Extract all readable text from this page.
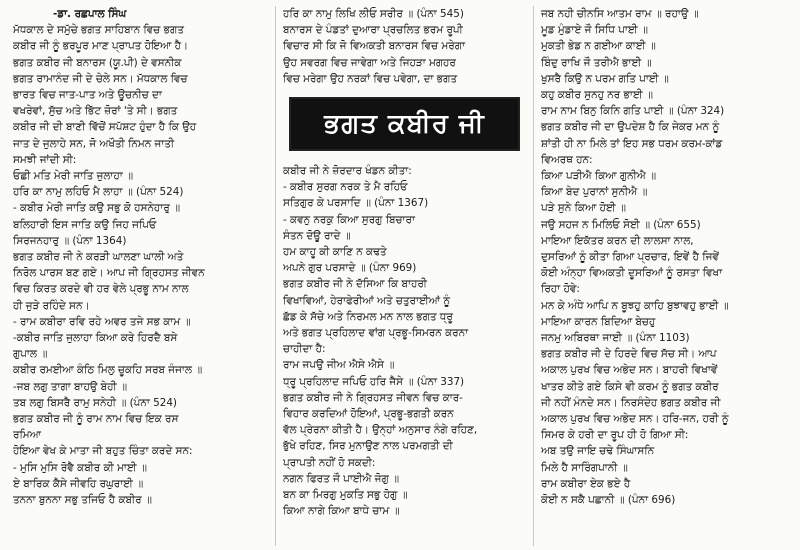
-ਡਾ. ਰਛਪਾਲ ਸਿੰਘ
ਮੱਧਕਾਲ ਦੇ ਸਮੁੱਚੇ ਭਗਤ ਸਾਹਿਬਾਨ ਵਿਚ ਭਗਤ
ਕਬੀਰ ਜੀ ਨੂੰ ਭਰਪੂਰ ਮਾਣ ਪ੍ਰਾਪਤ ਹੋਇਆ ਹੈ।
ਭਗਤ ਕਬੀਰ ਜੀ ਬਨਾਰਸ (ਯੂ.ਪੀ) ਦੇ ਵਸਨੀਕ
ਭਗਤ ਰਾਮਾਨੰਦ ਜੀ ਦੇ ਚੇਲੇ ਸਨ। ਮੱਧਕਾਲ ਵਿਚ
ਭਾਰਤ ਵਿਚ ਜਾਤ-ਪਾਤ ਅਤੇ ਊਚਨੀਚ ਦਾ
ਵਖਰੇਵਾਂ, ਸੁੱਚ ਅਤੇ ਭਿੱਟ ਜ਼ੋਰਾਂ 'ਤੇ ਸੀ। ਭਗਤ
ਕਬੀਰ ਜੀ ਦੀ ਬਾਣੀ ਵਿੱਚੋਂ ਸਪੱਸ਼ਟ ਹੁੰਦਾ ਹੈ ਕਿ ਉਹ
ਜਾਤ ਦੇ ਜੁਲਾਹੇ ਸਨ, ਜੋ ਅਖੌਤੀ ਨਿਮਨ ਜਾਤੀ
ਸਮਝੀ ਜਾਂਦੀ ਸੀ:
ਓਛੀ ਮਤਿ ਮੇਰੀ ਜਾਤਿ ਜੁਲਾਹਾ ॥
ਹਰਿ ਕਾ ਨਾਮੁ ਲਹਿਓ ਮੈ ਲਾਹਾ ॥ (ਪੰਨਾ 524)
- ਕਬੀਰ ਮੇਰੀ ਜਾਤਿ ਕਉ ਸਭੁ ਕੋ ਹਸਨੇਹਾਰੁ ॥
ਬਲਿਹਾਰੀ ਇਸ ਜਾਤਿ ਕਉ ਜਿਹ ਜਪਿਓ
ਸਿਰਜਨਹਾਰੁ ॥ (ਪੰਨਾ 1364)
ਭਗਤ ਕਬੀਰ ਜੀ ਨੇ ਕਰੜੀ ਘਾਲਣਾ ਘਾਲੀ ਅਤੇ
ਨਿਰੋਲ ਪਾਰਸ ਬਣ ਗਏ। ਆਪ ਜੀ ਗ੍ਰਿਹਸਤ ਜੀਵਨ
ਵਿਚ ਕਿਰਤ ਕਰਦੇ ਵੀ ਹਰ ਵੇਲੇ ਪ੍ਰਭੂ ਨਾਮ ਨਾਲ
ਹੀ ਜੁੜੇ ਰਹਿੰਦੇ ਸਨ।
- ਰਾਮ ਕਬੀਰਾ ਰਵਿ ਰਹੇ ਅਵਰ ਤਜੇ ਸਭ ਕਾਮ ॥
-ਕਬੀਰ ਜਾਤਿ ਜੁਲਾਹਾ ਕਿਆ ਕਰੇ ਹਿਰਦੈ ਬਸੇ
ਗੁਪਾਲ ॥
ਕਬੀਰ ਰਮਈਆ ਕੰਠਿ ਮਿਲੁ ਚੂਕਹਿ ਸਰਬ ਜੰਜਾਲ ॥
-ਜਬ ਲਗੁ ਤਾਗਾ ਬਾਹਉ ਬੇਹੀ ॥
ਤਬ ਲਗੁ ਬਿਸਰੈ ਰਾਮੁ ਸਨੇਹੀ ॥ (ਪੰਨਾ 524)
ਭਗਤ ਕਬੀਰ ਜੀ ਨੂੰ ਰਾਮ ਨਾਮ ਵਿਚ ਇਕ ਰਸ
ਰਮਿਆ
ਹੋਇਆ ਵੇਖ ਕੇ ਮਾਤਾ ਜੀ ਬਹੁਤ ਚਿੰਤਾ ਕਰਦੇ ਸਨ:
- ਮੁਸਿ ਮੁਸਿ ਰੋਵੈ ਕਬੀਰ ਕੀ ਮਾਈ ॥
ਏ ਬਾਰਿਕ ਕੈਸੇ ਜੀਵਹਿ ਰਘੁਰਾਈ ॥
ਤਨਨਾ ਬੁਨਨਾ ਸਭੁ ਤਜਿਓ ਹੈ ਕਬੀਰ ॥
ਹਰਿ ਕਾ ਨਾਮੁ ਲਿਖਿ ਲੀਓ ਸਰੀਰ ॥ (ਪੰਨਾ 545)
ਬਨਾਰਸ ਦੇ ਪੰਡਤਾਂ ਦੁਆਰਾ ਪ੍ਰਚਲਿਤ ਭਰਮ ਰੂਪੀ
ਵਿਚਾਰ ਸੀ ਕਿ ਜੋ ਵਿਅਕਤੀ ਬਨਾਰਸ ਵਿਚ ਮਰੇਗਾ
ਉਹ ਸਵਰਗ ਵਿਚ ਜਾਵੇਗਾ ਅਤੇ ਜਿਹੜਾ ਮਗਹਰ
ਵਿਚ ਮਰੇਗਾ ਉਹ ਨਰਕਾਂ ਵਿਚ ਪਵੇਗਾ, ਦਾ ਭਗਤ
ਭਗਤ ਕਬੀਰ ਜੀ
ਕਬੀਰ ਜੀ ਨੇ ਜ਼ੋਰਦਾਰ ਖੰਡਨ ਕੀਤਾ:
- ਕਬੀਰ ਸੁਰਗ ਨਰਕ ਤੇ ਮੈ ਰਹਿਓ
ਸਤਿਗੁਰ ਕੇ ਪਰਸਾਦਿ ॥ (ਪੰਨਾ 1367)
- ਕਵਨੁ ਨਰਕੁ ਕਿਆ ਸੁਰਗੁ ਬਿਚਾਰਾ
ਸੰਤਨ ਦੋਊ ਰਾਦੇ ॥
ਹਮ ਕਾਹੂ ਕੀ ਕਾਣਿ ਨ ਕਢਤੇ
ਅਪਨੇ ਗੁਰ ਪਰਸਾਦੇ ॥ (ਪੰਨਾ 969)
ਭਗਤ ਕਬੀਰ ਜੀ ਨੇ ਦੱਸਿਆ ਕਿ ਬਾਹਰੀ
ਵਿਖਾਵਿਆਂ, ਹੇਰਾਫੇਰੀਆਂ ਅਤੇ ਚਤੁਰਾਈਆਂ ਨੂੰ
ਛੱਡ ਕੇ ਸੱਚੇ ਅਤੇ ਨਿਰਮਲ ਮਨ ਨਾਲ ਭਗਤ ਧ੍ਰੂ
ਅਤੇ ਭਗਤ ਪ੍ਰਹਿਲਾਦ ਵਾਂਗ ਪ੍ਰਭੂ-ਸਿਮਰਨ ਕਰਨਾ
ਚਾਹੀਦਾ ਹੈ:
ਰਾਮ ਜਪਉ ਜੀਅ ਐਸੇ ਐਸੇ ॥
ਧ੍ਰੂ ਪ੍ਰਹਿਲਾਦ ਜਪਿਓ ਹਰਿ ਜੈਸੇ ॥ (ਪੰਨਾ 337)
ਭਗਤ ਕਬੀਰ ਜੀ ਨੇ ਗ੍ਰਿਹਸਤ ਜੀਵਨ ਵਿਚ ਕਾਰ-
ਵਿਹਾਰ ਕਰਦਿਆਂ ਹੋਇਆਂ, ਪ੍ਰਭੂ-ਭਗਤੀ ਕਰਨ
ਵੱਲ ਪ੍ਰੇਰਨਾ ਕੀਤੀ ਹੈ। ਉਨ੍ਹਾਂ ਅਨੁਸਾਰ ਨੰਗੇ ਰਹਿਣ,
ਭੁੱਖੇ ਰਹਿਣ, ਸਿਰ ਮੁਨਾਉਣ ਨਾਲ ਪਰਮਗਤੀ ਦੀ
ਪ੍ਰਾਪਤੀ ਨਹੀਂ ਹੋ ਸਕਦੀ:
ਨਗਨ ਫਿਰਤ ਜੌ ਪਾਈਐ ਜੋਗੁ ॥
ਬਨ ਕਾ ਮਿਰਗੁ ਮੁਕਤਿ ਸਭੁ ਹੋਗੁ ॥
ਕਿਆ ਨਾਗੇ ਕਿਆ ਬਾਧੇ ਚਾਮ ॥
ਜਬ ਨਹੀ ਚੀਨਸਿ ਆਤਮ ਰਾਮ ॥ ਰਹਾਉ ॥
ਮੂਡ ਮੁੰਡਾਏ ਜੌ ਸਿਧਿ ਪਾਈ ॥
ਮੁਕਤੀ ਭੇਡ ਨ ਗਈਆ ਕਾਈ ॥
ਬਿੰਦੁ ਰਾਖਿ ਜੌ ਤਰੀਐ ਭਾਈ ॥
ਖੁਸਰੈ ਕਿਉ ਨ ਪਰਮ ਗਤਿ ਪਾਈ ॥
ਕਹੁ ਕਬੀਰ ਸੁਨਹੁ ਨਰ ਭਾਈ ॥
ਰਾਮ ਨਾਮ ਬਿਨੁ ਕਿਨਿ ਗਤਿ ਪਾਈ ॥ (ਪੰਨਾ 324)
ਭਗਤ ਕਬੀਰ ਜੀ ਦਾ ਉਪਦੇਸ਼ ਹੈ ਕਿ ਜੇਕਰ ਮਨ ਨੂੰ
ਸ਼ਾਂਤੀ ਹੀ ਨਾ ਮਿਲੇ ਤਾਂ ਇਹ ਸਭ ਧਰਮ ਕਰਮ-ਕਾਂਡ
ਵਿਅਰਥ ਹਨ:
ਕਿਆ ਪੜੀਐ ਕਿਆ ਗੁਨੀਐ ॥
ਕਿਆ ਬੇਦ ਪੁਰਾਨਾਂ ਸੁਨੀਐ ॥
ਪੜੇ ਸੁਨੇ ਕਿਆ ਹੋਈ ॥
ਜਉ ਸਹਜ ਨ ਮਿਲਿਓ ਸੋਈ ॥ (ਪੰਨਾ 655)
ਮਾਇਆ ਇਕੱਤਰ ਕਰਨ ਦੀ ਲਾਲਸਾ ਨਾਲ,
ਦੁਸਰਿਆਂ ਨੂੰ ਕੀਤਾ ਗਿਆ ਪ੍ਰਚਾਰ, ਇਵੇਂ ਹੈ ਜਿਵੇਂ
ਕੋਈ ਅੰਨ੍ਹਾ ਵਿਅਕਤੀ ਦੂਸਰਿਆਂ ਨੂੰ ਰਸਤਾ ਵਿਖਾ
ਰਿਹਾ ਹੋਵੇ:
ਮਨ ਕੇ ਅੰਧੇ ਆਪਿ ਨ ਬੂਝਹੁ ਕਾਹਿ ਬੁਝਾਵਹੁ ਭਾਈ ॥
ਮਾਇਆ ਕਾਰਨ ਬਿਦਿਆ ਬੇਚਹੁ
ਜਨਮੁ ਅਬਿਰਥਾ ਜਾਈ ॥ (ਪੰਨਾ 1103)
ਭਗਤ ਕਬੀਰ ਜੀ ਦੇ ਹਿਰਦੇ ਵਿਚ ਸੱਚ ਸੀ। ਆਪ
ਅਕਾਲ ਪੁਰਖ ਵਿਚ ਅਭੇਦ ਸਨ। ਬਾਹਰੀ ਵਿਖਾਵੇਂ
ਖਾਤਰ ਕੀਤੇ ਗਏ ਕਿਸੇ ਵੀ ਕਰਮ ਨੂੰ ਭਗਤ ਕਬੀਰ
ਜੀ ਨਹੀਂ ਮੰਨਦੇ ਸਨ। ਨਿਰਸੰਦੇਹ ਭਗਤ ਕਬੀਰ ਜੀ
ਅਕਾਲ ਪੁਰਖ ਵਿਚ ਅਭੇਦ ਸਨ। ਹਰਿ-ਜਨ, ਹਰੀ ਨੂੰ
ਸਿਮਰ ਕੇ ਹਰੀ ਦਾ ਰੂਪ ਹੀ ਹੋ ਗਿਆ ਸੀ:
ਅਬ ਤਉ ਜਾਇ ਚਢੇ ਸਿੰਘਾਸਨਿ
ਮਿਲੇ ਹੈ ਸਾਰਿੰਗਪਾਨੀ ॥
ਰਾਮ ਕਬੀਰਾ ਏਕ ਭਏ ਹੈ
ਕੋਈ ਨ ਸਕੈ ਪਛਾਨੀ ॥ (ਪੰਨਾ 696)
